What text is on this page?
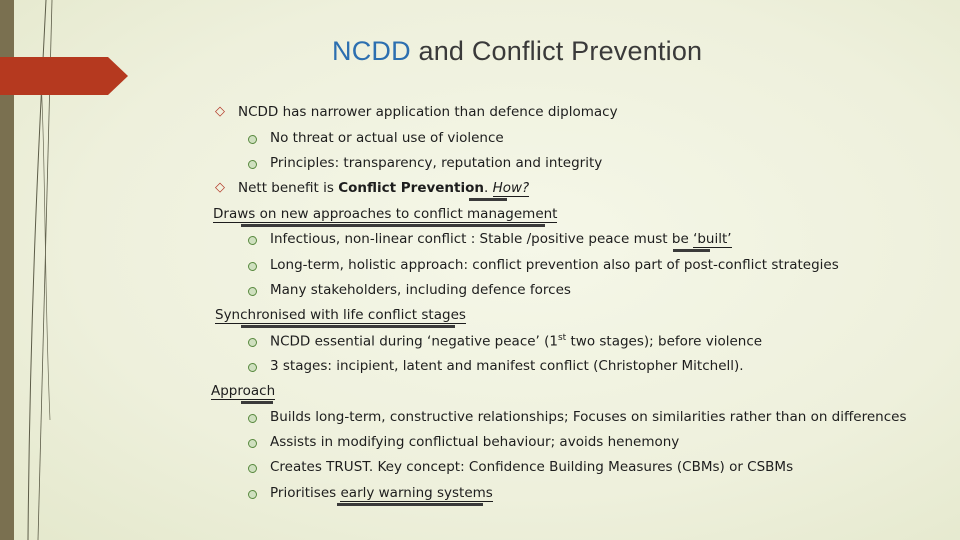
NCDD and Conflict Prevention
◇ NCDD has narrower application than defence diplomacy
No threat or actual use of violence
Principles: transparency, reputation and integrity
◇ Nett benefit is Conflict Prevention. How?
Draws on new approaches to conflict management
Infectious, non-linear conflict : Stable /positive peace must be ‘built’
Long-term, holistic approach: conflict prevention also part of post-conflict strategies
Many stakeholders, including defence forces
Synchronised with life conflict stages
NCDD essential during ‘negative peace’ (1st two stages); before violence
3 stages: incipient, latent and manifest conflict (Christopher Mitchell).
Approach
Builds long-term, constructive relationships; Focuses on similarities rather than on differences
Assists in modifying conflictual behaviour; avoids henemony
Creates TRUST. Key concept: Confidence Building Measures (CBMs) or CSBMs
Prioritises early warning systems
